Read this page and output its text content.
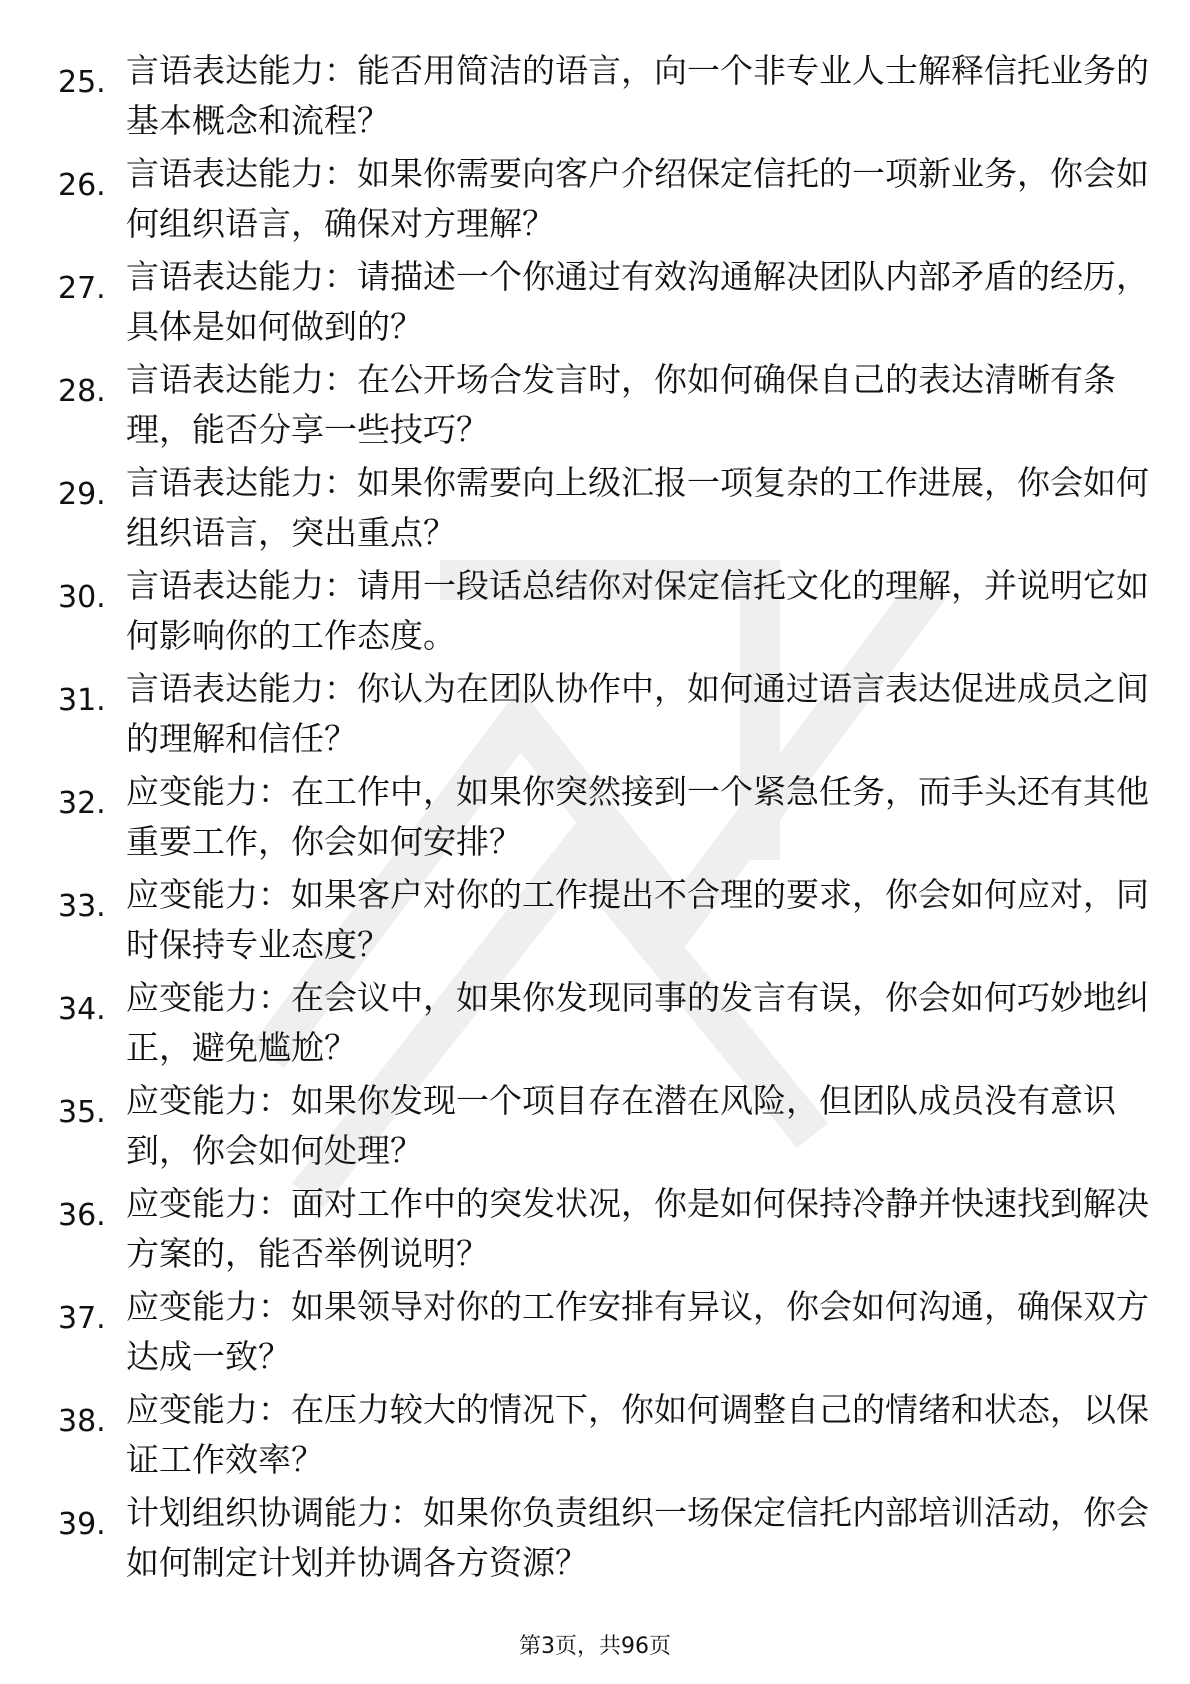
25. 言语表达能力：能否用简洁的语言，向一个非专业人士解释信托业务的基本概念和流程？
26. 言语表达能力：如果你需要向客户介绍保定信托的一项新业务，你会如何组织语言，确保对方理解？
27. 言语表达能力：请描述一个你通过有效沟通解决团队内部矛盾的经历，具体是如何做到的？
28. 言语表达能力：在公开场合发言时，你如何确保自己的表达清晰有条理，能否分享一些技巧？
29. 言语表达能力：如果你需要向上级汇报一项复杂的工作进展，你会如何组织语言，突出重点？
30. 言语表达能力：请用一段话总结你对保定信托文化的理解，并说明它如何影响你的工作态度。
31. 言语表达能力：你认为在团队协作中，如何通过语言表达促进成员之间的理解和信任？
32. 应变能力：在工作中，如果你突然接到一个紧急任务，而手头还有其他重要工作，你会如何安排？
33. 应变能力：如果客户对你的工作提出不合理的要求，你会如何应对，同时保持专业态度？
34. 应变能力：在会议中，如果你发现同事的发言有误，你会如何巧妙地纠正，避免尴尬？
35. 应变能力：如果你发现一个项目存在潜在风险，但团队成员没有意识到，你会如何处理？
36. 应变能力：面对工作中的突发状况，你是如何保持冷静并快速找到解决方案的，能否举例说明？
37. 应变能力：如果领导对你的工作安排有异议，你会如何沟通，确保双方达成一致？
38. 应变能力：在压力较大的情况下，你如何调整自己的情绪和状态，以保证工作效率？
39. 计划组织协调能力：如果你负责组织一场保定信托内部培训活动，你会如何制定计划并协调各方资源？
第3页，共96页
